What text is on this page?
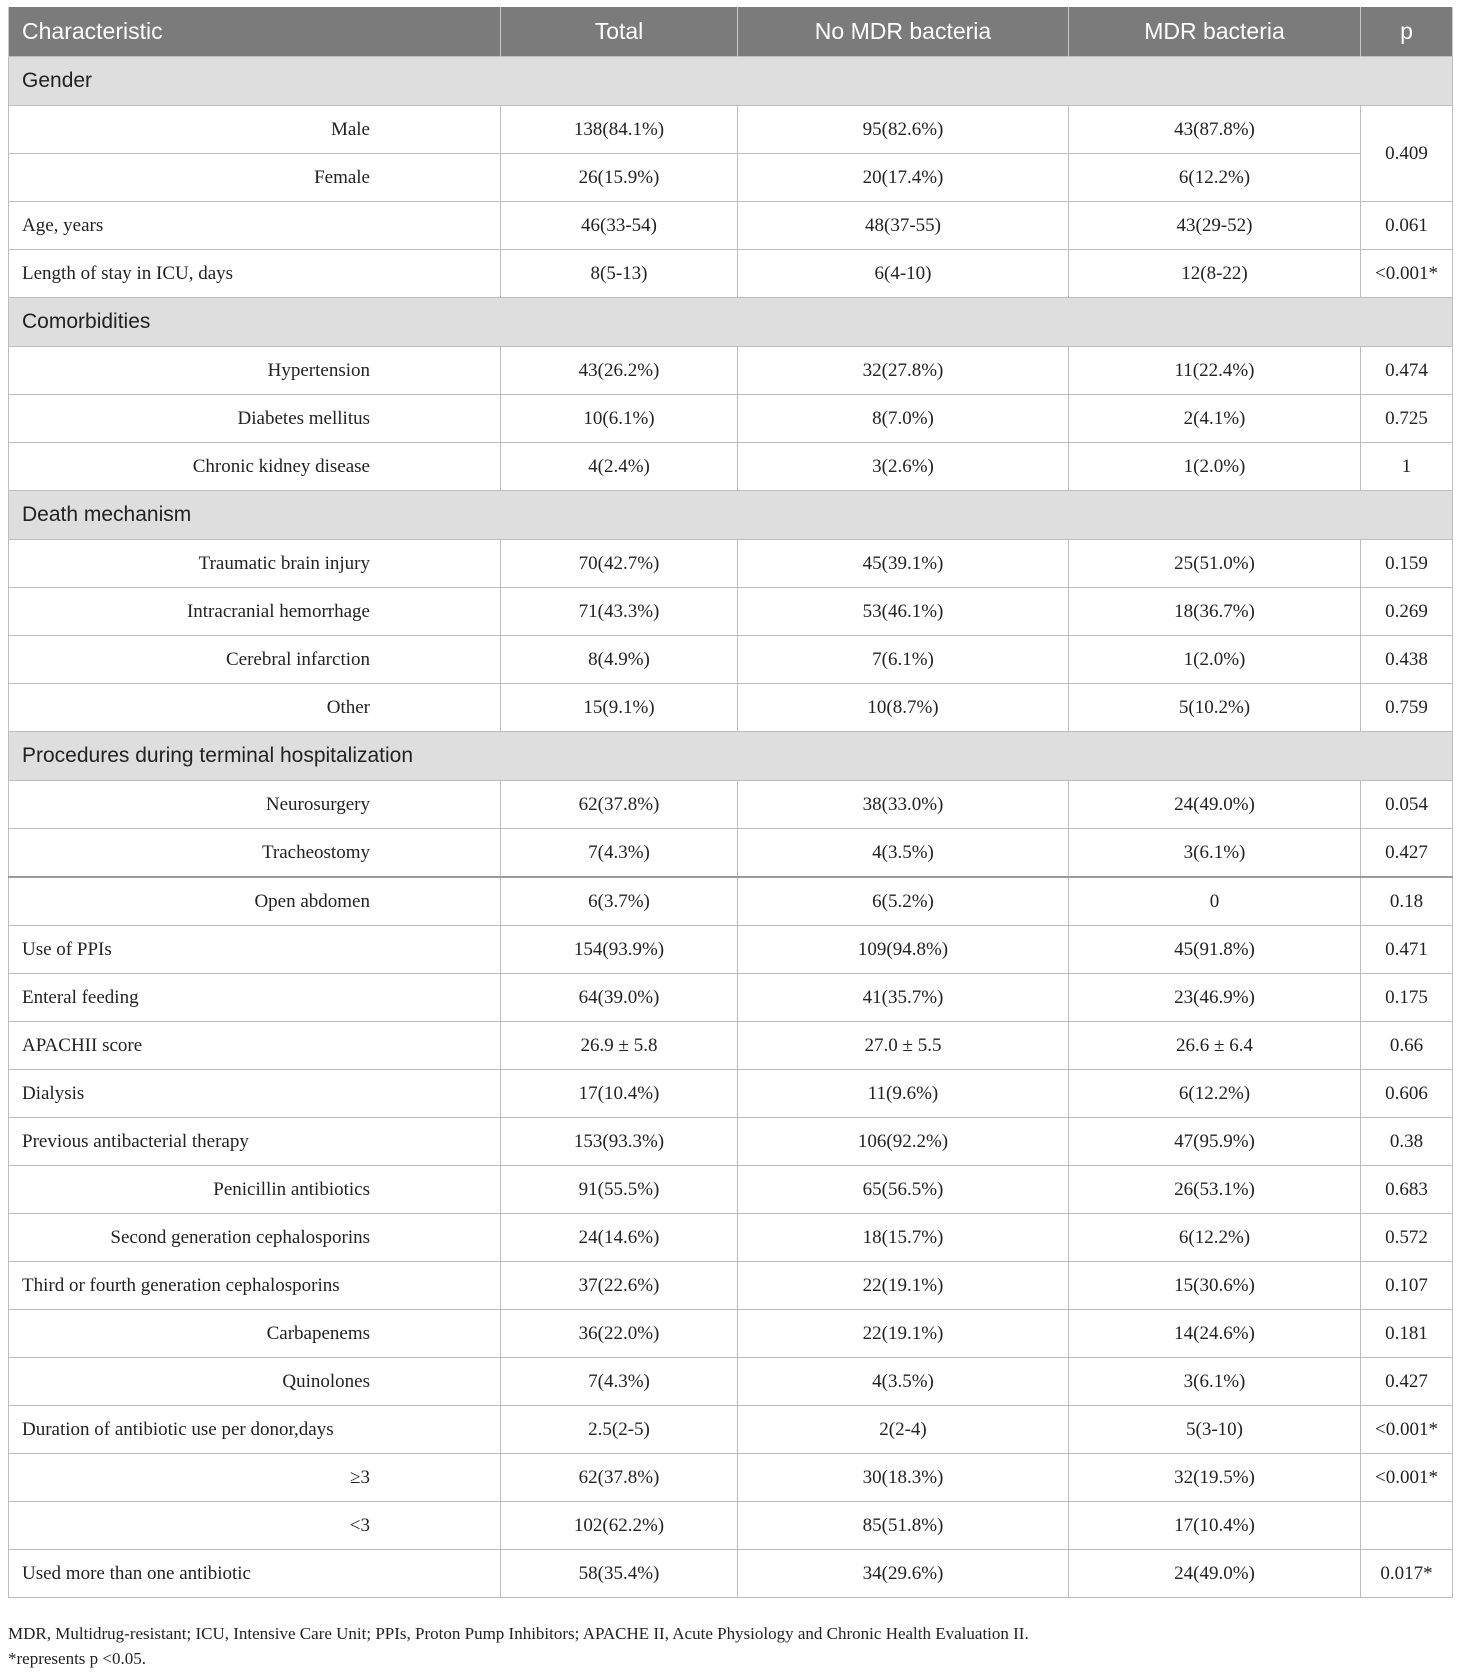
Characteristic	Total	No MDR bacteria	MDR bacteria	p
Gender				
Male	138(84.1%)	95(82.6%)	43(87.8%)	0.409
Female	26(15.9%)	20(17.4%)	6(12.2%)	
Age, years	46(33-54)	48(37-55)	43(29-52)	0.061
Length of stay in ICU, days	8(5-13)	6(4-10)	12(8-22)	<0.001*
Comorbidities				
Hypertension	43(26.2%)	32(27.8%)	11(22.4%)	0.474
Diabetes mellitus	10(6.1%)	8(7.0%)	2(4.1%)	0.725
Chronic kidney disease	4(2.4%)	3(2.6%)	1(2.0%)	1
Death mechanism				
Traumatic brain injury	70(42.7%)	45(39.1%)	25(51.0%)	0.159
Intracranial hemorrhage	71(43.3%)	53(46.1%)	18(36.7%)	0.269
Cerebral infarction	8(4.9%)	7(6.1%)	1(2.0%)	0.438
Other	15(9.1%)	10(8.7%)	5(10.2%)	0.759
Procedures during terminal hospitalization				
Neurosurgery	62(37.8%)	38(33.0%)	24(49.0%)	0.054
Tracheostomy	7(4.3%)	4(3.5%)	3(6.1%)	0.427
Open abdomen	6(3.7%)	6(5.2%)	0	0.18
Use of PPIs	154(93.9%)	109(94.8%)	45(91.8%)	0.471
Enteral feeding	64(39.0%)	41(35.7%)	23(46.9%)	0.175
APACHII score	26.9 ± 5.8	27.0 ± 5.5	26.6 ± 6.4	0.66
Dialysis	17(10.4%)	11(9.6%)	6(12.2%)	0.606
Previous antibacterial therapy	153(93.3%)	106(92.2%)	47(95.9%)	0.38
Penicillin antibiotics	91(55.5%)	65(56.5%)	26(53.1%)	0.683
Second generation cephalosporins	24(14.6%)	18(15.7%)	6(12.2%)	0.572
Third or fourth generation cephalosporins	37(22.6%)	22(19.1%)	15(30.6%)	0.107
Carbapenems	36(22.0%)	22(19.1%)	14(24.6%)	0.181
Quinolones	7(4.3%)	4(3.5%)	3(6.1%)	0.427
Duration of antibiotic use per donor,days	2.5(2-5)	2(2-4)	5(3-10)	<0.001*
≥3	62(37.8%)	30(18.3%)	32(19.5%)	<0.001*
<3	102(62.2%)	85(51.8%)	17(10.4%)	
Used more than one antibiotic	58(35.4%)	34(29.6%)	24(49.0%)	0.017*
MDR, Multidrug-resistant; ICU, Intensive Care Unit; PPIs, Proton Pump Inhibitors; APACHE II, Acute Physiology and Chronic Health Evaluation II.
*represents p <0.05.
